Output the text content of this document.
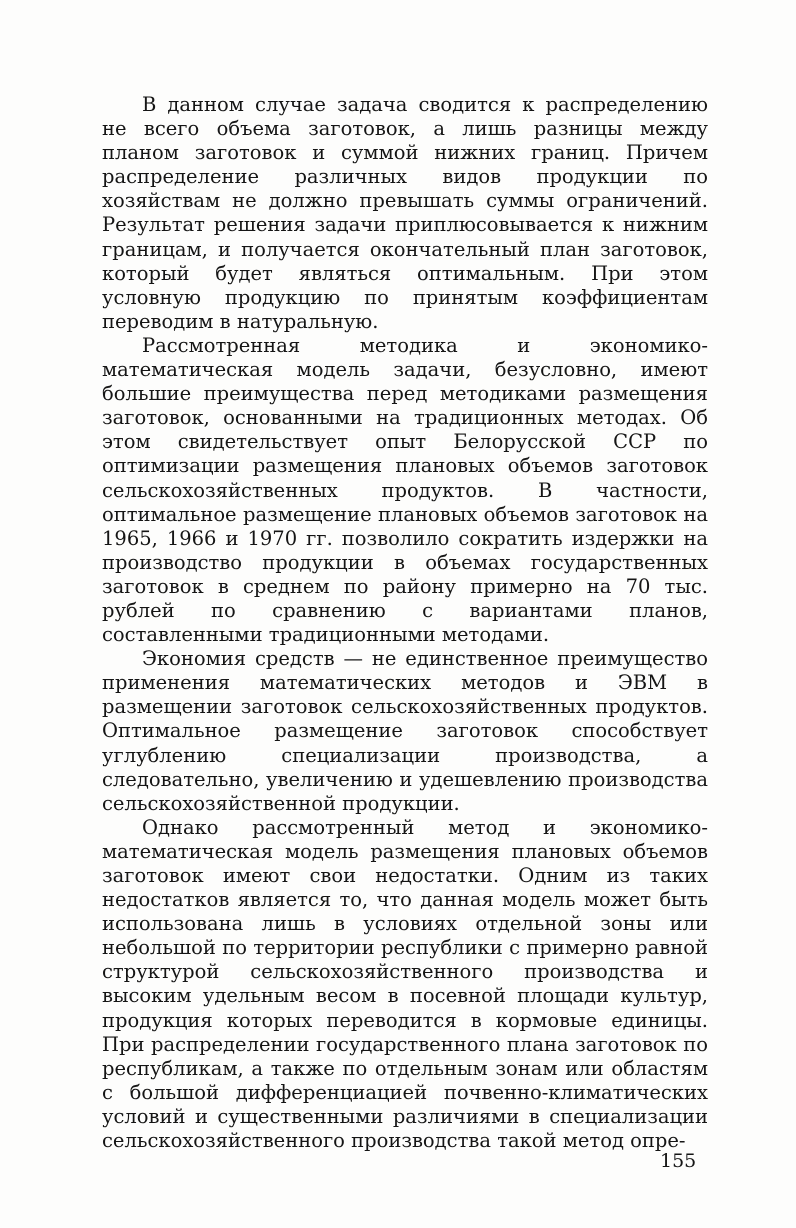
В данном случае задача сводится к распределению не всего объема заготовок, а лишь разницы между планом заготовок и суммой нижних границ. Причем распределение различных видов продукции по хозяйствам не должно превышать суммы ограничений. Результат решения задачи приплюсовывается к нижним границам, и получается окончательный план заготовок, который будет являться оптимальным. При этом условную продукцию по принятым коэффициентам переводим в натуральную.

Рассмотренная методика и экономико-математическая модель задачи, безусловно, имеют большие преимущества перед методиками размещения заготовок, основанными на традиционных методах. Об этом свидетельствует опыт Белорусской ССР по оптимизации размещения плановых объемов заготовок сельскохозяйственных продуктов. В частности, оптимальное размещение плановых объемов заготовок на 1965, 1966 и 1970 гг. позволило сократить издержки на производство продукции в объемах государственных заготовок в среднем по району примерно на 70 тыс. рублей по сравнению с вариантами планов, составленными традиционными методами.

Экономия средств — не единственное преимущество применения математических методов и ЭВМ в размещении заготовок сельскохозяйственных продуктов. Оптимальное размещение заготовок способствует углублению специализации производства, а следовательно, увеличению и удешевлению производства сельскохозяйственной продукции.

Однако рассмотренный метод и экономико-математическая модель размещения плановых объемов заготовок имеют свои недостатки. Одним из таких недостатков является то, что данная модель может быть использована лишь в условиях отдельной зоны или небольшой по территории республики с примерно равной структурой сельскохозяйственного производства и высоким удельным весом в посевной площади культур, продукция которых переводится в кормовые единицы. При распределении государственного плана заготовок по республикам, а также по отдельным зонам или областям с большой дифференциацией почвенно-климатических условий и существенными различиями в специализации сельскохозяйственного производства такой метод опре-

155
